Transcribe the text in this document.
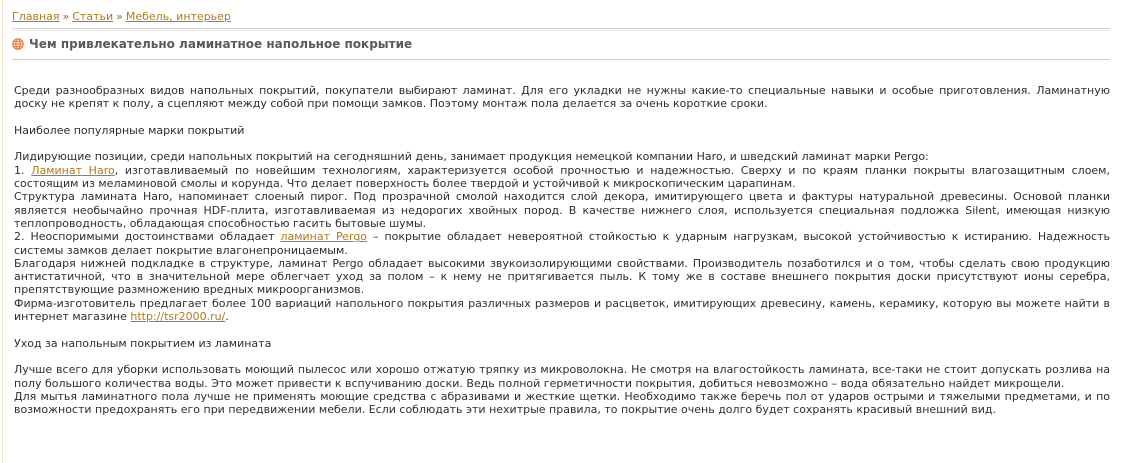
Главная » Статьи » Мебель, интерьер
Чем привлекательно ламинатное напольное покрытие

Среди разнообразных видов напольных покрытий, покупатели выбирают ламинат. Для его укладки не нужны какие-то специальные навыки и особые приготовления. Ламинатную доску не крепят к полу, а сцепляют между собой при помощи замков. Поэтому монтаж пола делается за очень короткие сроки.

Наиболее популярные марки покрытий

Лидирующие позиции, среди напольных покрытий на сегодняшний день, занимает продукция немецкой компании Haro, и шведский ламинат марки Pergo:

1. Ламинат Haro, изготавливаемый по новейшим технологиям, характеризуется особой прочностью и надежностью. Сверху и по краям планки покрыты влагозащитным слоем, состоящим из меламиновой смолы и корунда. Что делает поверхность более твердой и устойчивой к микроскопическим царапинам.

Структура ламината Haro, напоминает слоеный пирог. Под прозрачной смолой находится слой декора, имитирующего цвета и фактуры натуральной древесины. Основой планки является необычайно прочная HDF-плита, изготавливаемая из недорогих хвойных пород. В качестве нижнего слоя, используется специальная подложка Silent, имеющая низкую теплопроводность, обладающая способностью гасить бытовые шумы.

2. Неоспоримыми достоинствами обладает ламинат Pergo – покрытие обладает невероятной стойкостью к ударным нагрузкам, высокой устойчивостью к истиранию. Надежность системы замков делает покрытие влагонепроницаемым.

Благодаря нижней подкладке в структуре, ламинат Pergo обладает высокими звукоизолирующими свойствами. Производитель позаботился и о том, чтобы сделать свою продукцию антистатичной, что в значительной мере облегчает уход за полом – к нему не притягивается пыль. К тому же в составе внешнего покрытия доски присутствуют ионы серебра, препятствующие размножению вредных микроорганизмов.

Фирма-изготовитель предлагает более 100 вариаций напольного покрытия различных размеров и расцветок, имитирующих древесину, камень, керамику, которую вы можете найти в интернет магазине http://tsr2000.ru/.

Уход за напольным покрытием из ламината

Лучше всего для уборки использовать моющий пылесос или хорошо отжатую тряпку из микроволокна. Не смотря на влагостойкость ламината, все-таки не стоит допускать розлива на полу большого количества воды. Это может привести к вспучиванию доски. Ведь полной герметичности покрытия, добиться невозможно – вода обязательно найдет микрощели.

Для мытья ламинатного пола лучше не применять моющие средства с абразивами и жесткие щетки. Необходимо также беречь пол от ударов острыми и тяжелыми предметами, и по возможности предохранять его при передвижении мебели. Если соблюдать эти нехитрые правила, то покрытие очень долго будет сохранять красивый внешний вид.
